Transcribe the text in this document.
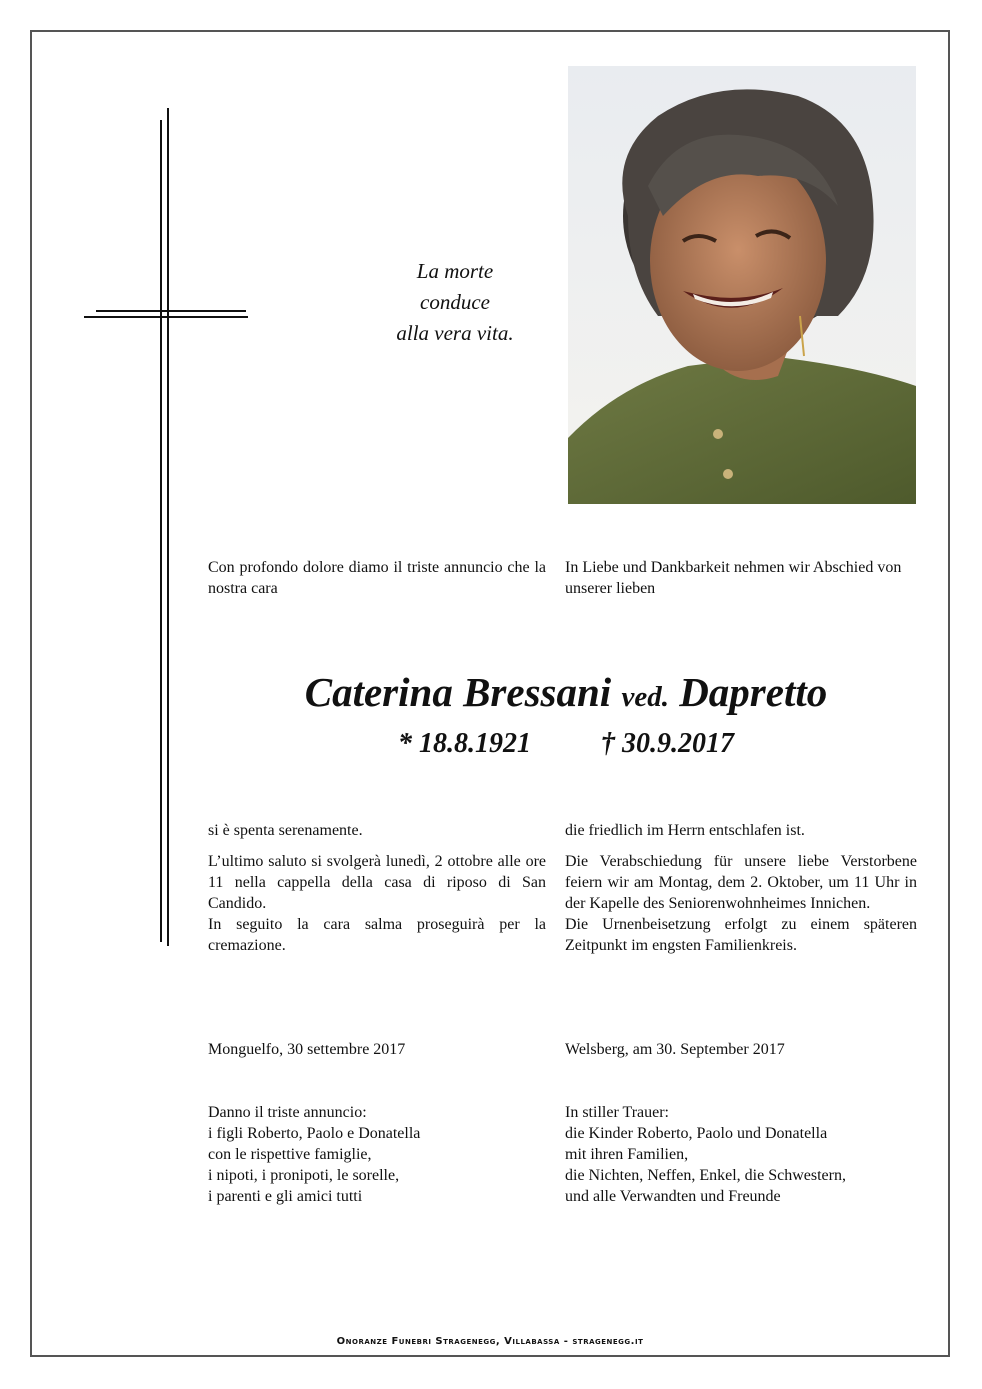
La morte
conduce
alla vera vita.
Con profondo dolore diamo il triste annuncio che la nostra cara
In Liebe und Dankbarkeit nehmen wir Abschied von unserer lieben
Caterina Bressani ved. Dapretto
* 18.8.1921	† 30.9.2017

si è spenta serenamente.

L’ultimo saluto si svolgerà lunedì, 2 ottobre alle ore 11 nella cappella della casa di riposo di San Candido.

In seguito la cara salma proseguirà per la cremazione.

die friedlich im Herrn entschlafen ist.

Die Verabschiedung für unsere liebe Verstorbene feiern wir am Montag, dem 2. Oktober, um 11 Uhr in der Kapelle des Seniorenwohnheimes Innichen.

Die Urnenbeisetzung erfolgt zu einem späteren Zeitpunkt im engsten Familienkreis.

Monguelfo, 30 settembre 2017	Welsberg, am 30. September 2017
Danno il triste annuncio:
i figli Roberto, Paolo e Donatella
con le rispettive famiglie,
i nipoti, i pronipoti, le sorelle,
i parenti e gli amici tutti
In stiller Trauer:
die Kinder Roberto, Paolo und Donatella
mit ihren Familien,
die Nichten, Neffen, Enkel, die Schwestern,
und alle Verwandten und Freunde
Onoranze Funebri Stragenegg, Villabassa - stragenegg.it
